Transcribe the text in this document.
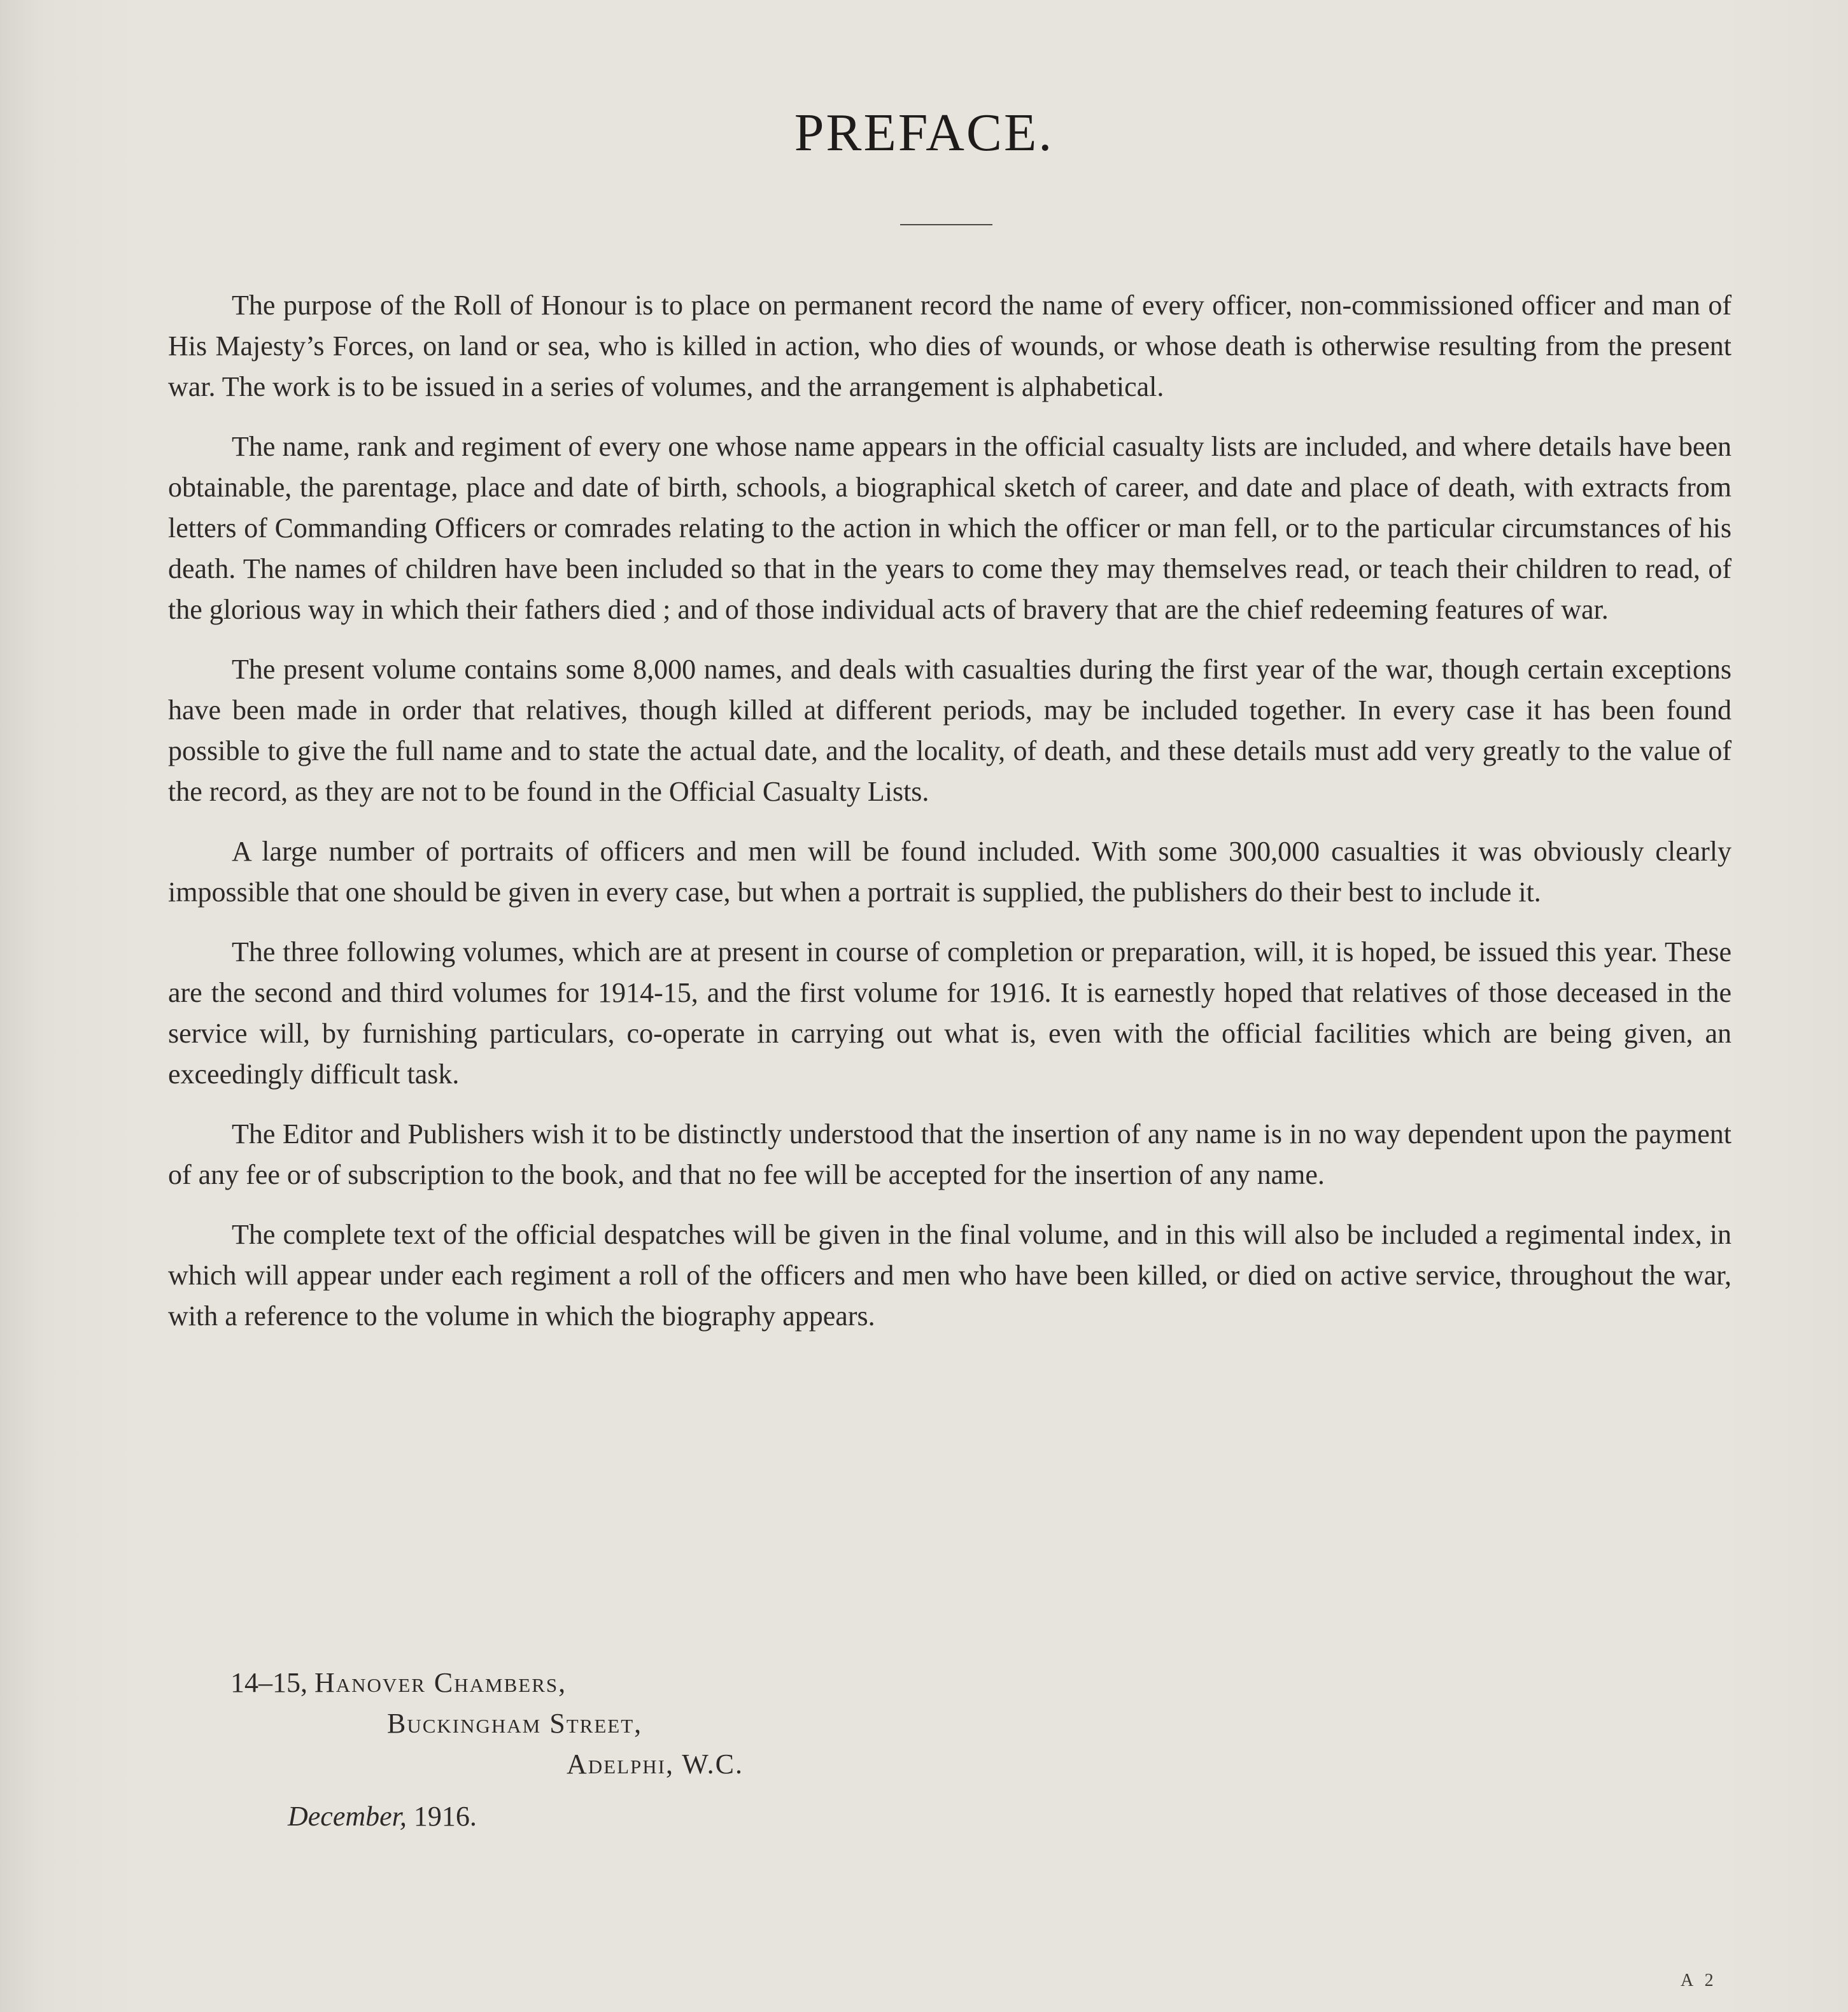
PREFACE.

The purpose of the Roll of Honour is to place on permanent record the name of every officer, non-commissioned officer and man of His Majesty’s Forces, on land or sea, who is killed in action, who dies of wounds, or whose death is otherwise resulting from the present war. The work is to be issued in a series of volumes, and the arrangement is alphabetical.

The name, rank and regiment of every one whose name appears in the official casualty lists are included, and where details have been obtainable, the parentage, place and date of birth, schools, a biographical sketch of career, and date and place of death, with extracts from letters of Commanding Officers or comrades relating to the action in which the officer or man fell, or to the particular circumstances of his death. The names of children have been included so that in the years to come they may themselves read, or teach their children to read, of the glorious way in which their fathers died ; and of those individual acts of bravery that are the chief redeeming features of war.

The present volume contains some 8,000 names, and deals with casualties during the first year of the war, though certain exceptions have been made in order that relatives, though killed at different periods, may be included together. In every case it has been found possible to give the full name and to state the actual date, and the locality, of death, and these details must add very greatly to the value of the record, as they are not to be found in the Official Casualty Lists.

A large number of portraits of officers and men will be found included. With some 300,000 casualties it was obviously clearly impossible that one should be given in every case, but when a portrait is supplied, the publishers do their best to include it.

The three following volumes, which are at present in course of completion or preparation, will, it is hoped, be issued this year. These are the second and third volumes for 1914-15, and the first volume for 1916. It is earnestly hoped that relatives of those deceased in the service will, by furnishing particulars, co-operate in carrying out what is, even with the official facilities which are being given, an exceedingly difficult task.

The Editor and Publishers wish it to be distinctly understood that the insertion of any name is in no way dependent upon the payment of any fee or of subscription to the book, and that no fee will be accepted for the insertion of any name.

The complete text of the official despatches will be given in the final volume, and in this will also be included a regimental index, in which will appear under each regiment a roll of the officers and men who have been killed, or died on active service, throughout the war, with a reference to the volume in which the biography appears.

14–15, Hanover Chambers,
Buckingham Street,
Adelphi, W.C.
December, 1916.
A 2
